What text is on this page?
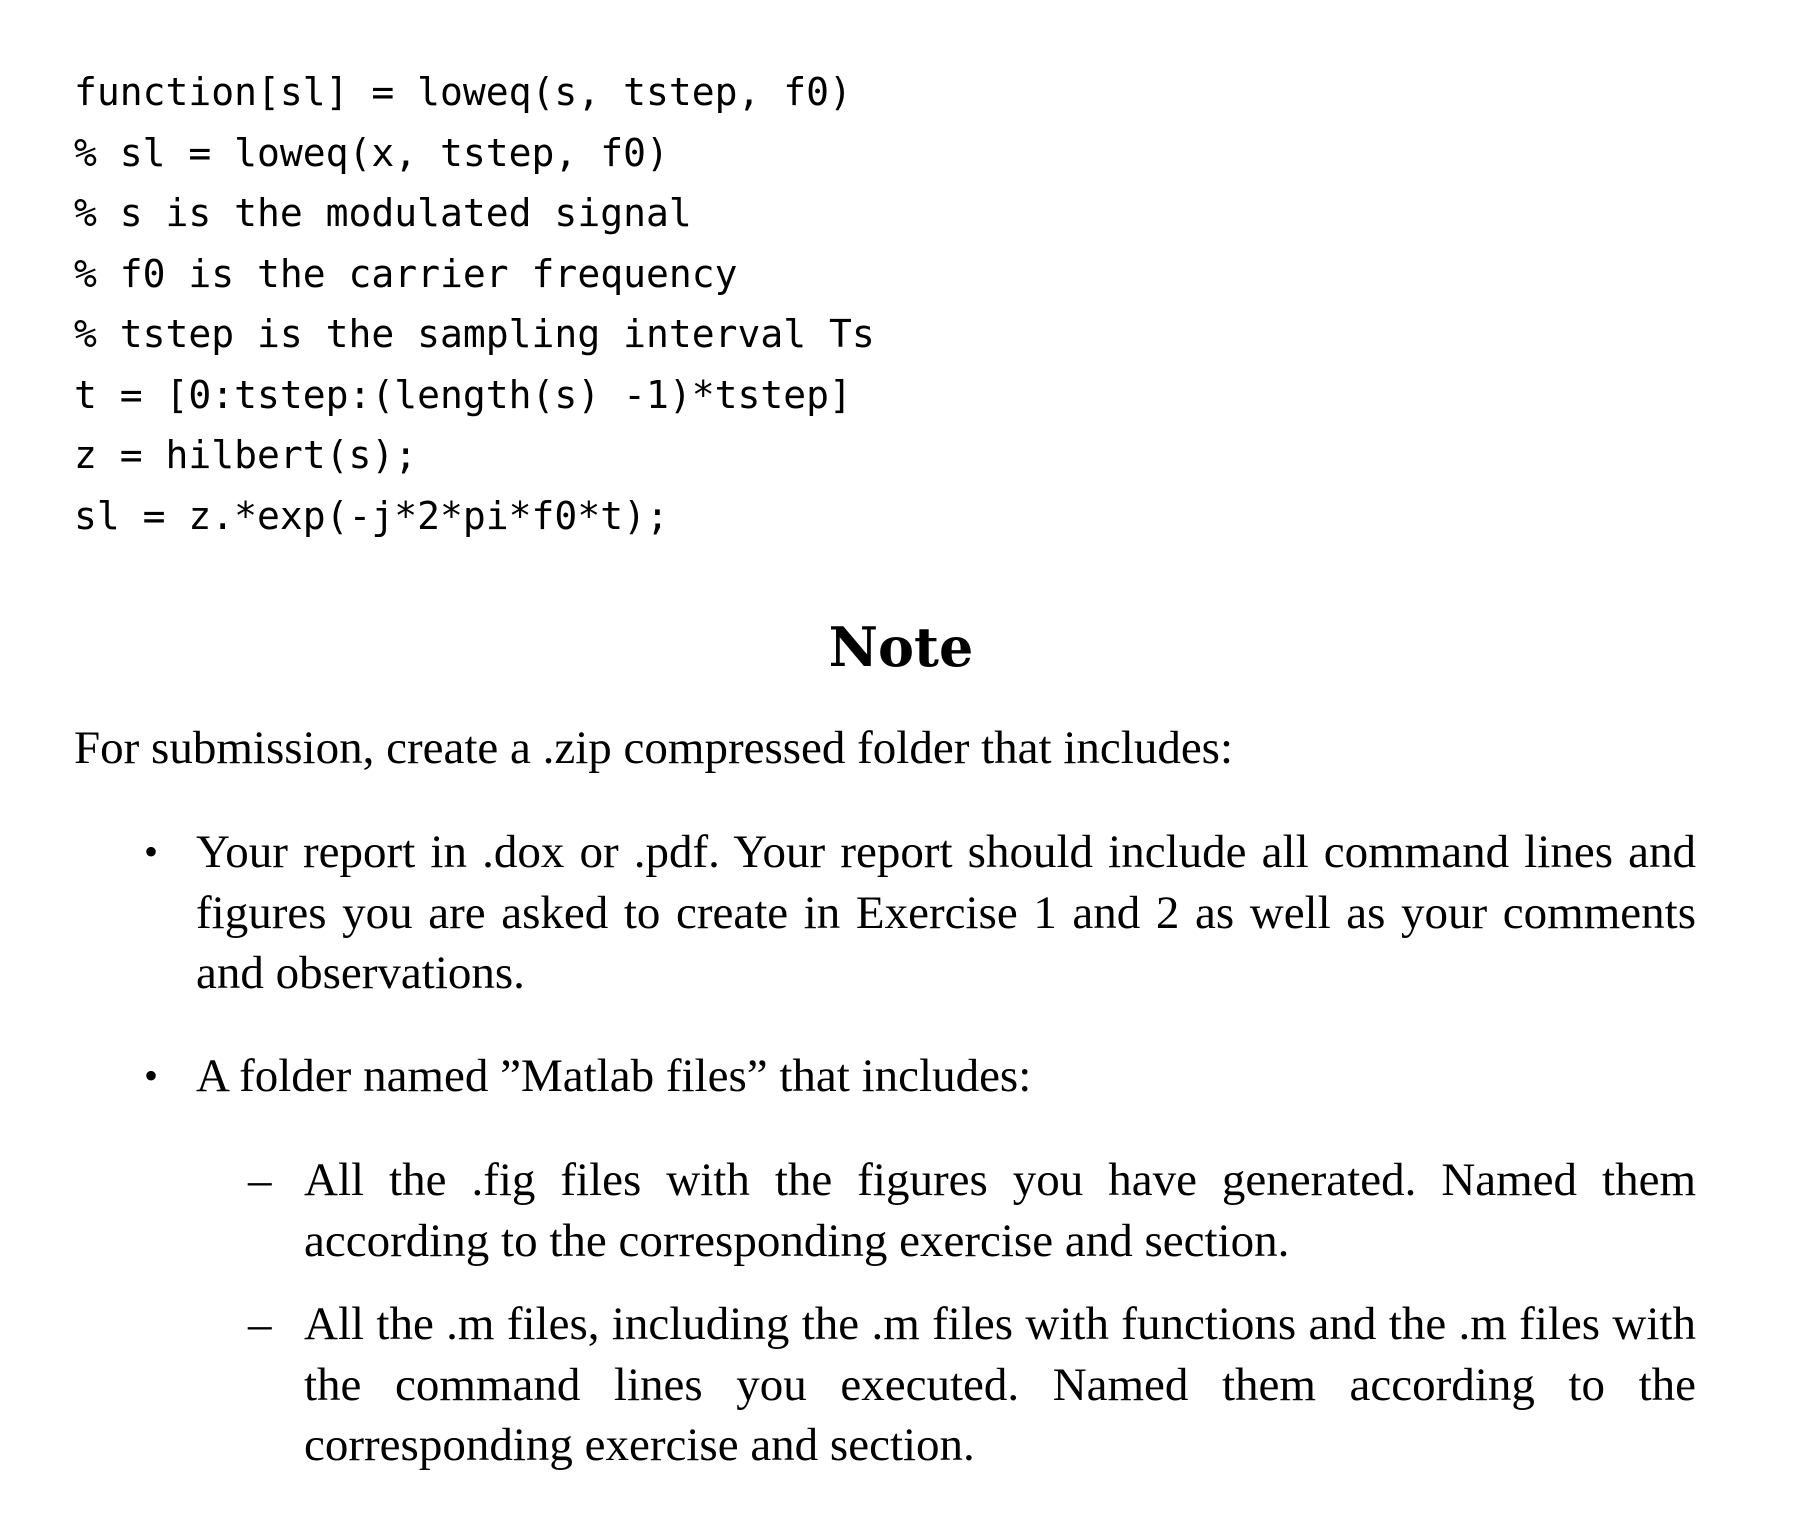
function[sl] = loweq(s, tstep, f0)
% sl = loweq(x, tstep, f0)
% s is the modulated signal
% f0 is the carrier frequency
% tstep is the sampling interval Ts
t = [0:tstep:(length(s) -1)*tstep]
z = hilbert(s);
sl = z.*exp(-j*2*pi*f0*t);
Note

For submission, create a .zip compressed folder that includes:

• Your report in .dox or .pdf. Your report should include all command lines and figures you are asked to create in Exercise 1 and 2 as well as your comments and observations.
• A folder named ”Matlab files” that includes:
– All the .fig files with the figures you have generated. Named them according to the corresponding exercise and section.
– All the .m files, including the .m files with functions and the .m files with the command lines you executed. Named them according to the corresponding exercise and section.
